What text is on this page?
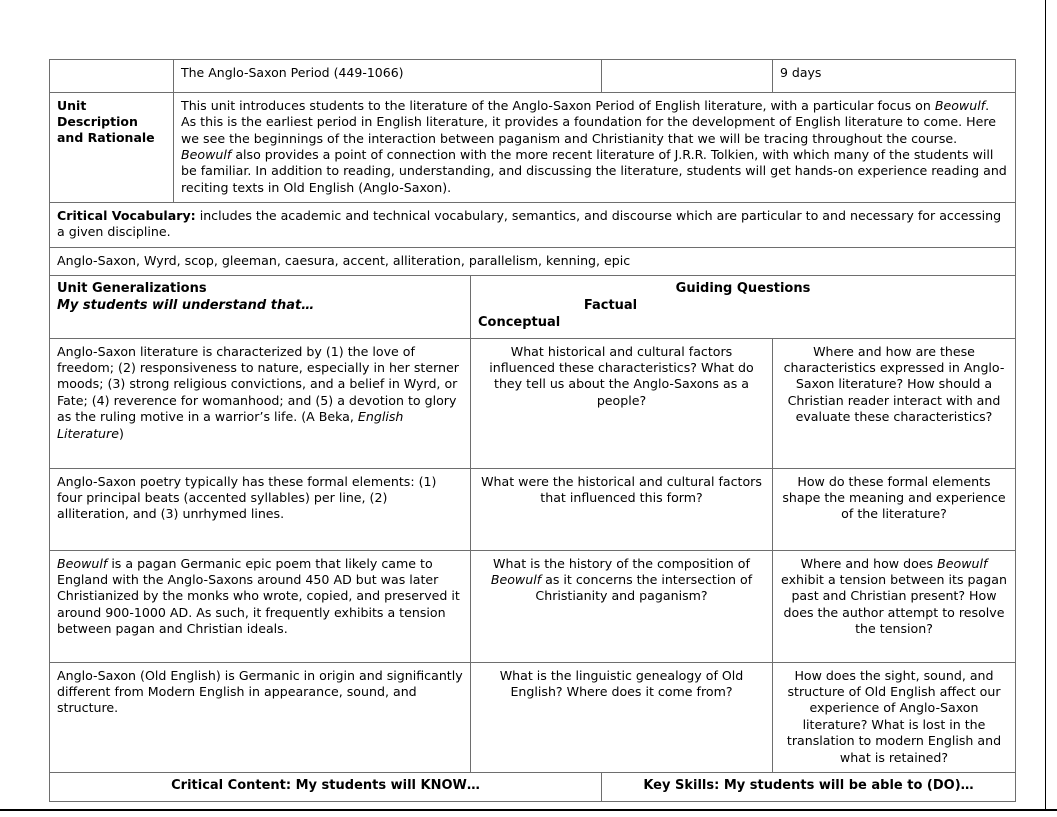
Unit Title	The Anglo-Saxon Period (449-1066)		Length of Unit	9 days
Unit Description and Rationale	This unit introduces students to the literature of the Anglo-Saxon Period of English literature, with a particular focus on Beowulf. As this is the earliest period in English literature, it provides a foundation for the development of English literature to come. Here we see the beginnings of the interaction between paganism and Christianity that we will be tracing throughout the course. Beowulf also provides a point of connection with the more recent literature of J.R.R. Tolkien, with which many of the students will be familiar. In addition to reading, understanding, and discussing the literature, students will get hands-on experience reading and reciting texts in Old English (Anglo-Saxon).			
Critical Vocabulary: includes the academic and technical vocabulary, semantics, and discourse which are particular to and necessary for accessing a given discipline.				
Anglo-Saxon, Wyrd, scop, gleeman, caesura, accent, alliteration, parallelism, kenning, epic				
Unit Generalizations
My students will understand that…		Guiding Questions
Factual
Conceptual		

Anglo-Saxon literature is characterized by (1) the love of freedom; (2) responsiveness to nature, especially in her sterner moods; (3) strong religious convictions, and a belief in Wyrd, or Fate; (4) reverence for womanhood; and (5) a devotion to glory as the ruling motive in a warrior’s life. (A Beka, English Literature)		What historical and cultural factors influenced these characteristics? What do they tell us about the Anglo-Saxons as a people?		Where and how are these characteristics expressed in Anglo-Saxon literature? How should a Christian reader interact with and evaluate these characteristics?
Anglo-Saxon poetry typically has these formal elements: (1) four principal beats (accented syllables) per line, (2) alliteration, and (3) unrhymed lines.		What were the historical and cultural factors that influenced this form?		How do these formal elements shape the meaning and experience of the literature?
Beowulf is a pagan Germanic epic poem that likely came to England with the Anglo-Saxons around 450 AD but was later Christianized by the monks who wrote, copied, and preserved it around 900-1000 AD. As such, it frequently exhibits a tension between pagan and Christian ideals.		What is the history of the composition of Beowulf as it concerns the intersection of Christianity and paganism?		Where and how does Beowulf exhibit a tension between its pagan past and Christian present? How does the author attempt to resolve the tension?
Anglo-Saxon (Old English) is Germanic in origin and significantly different from Modern English in appearance, sound, and structure.		What is the linguistic genealogy of Old English? Where does it come from?		How does the sight, sound, and structure of Old English affect our experience of Anglo-Saxon literature? What is lost in the translation to modern English and what is retained?
Critical Content: My students will KNOW…			Key Skills: My students will be able to (DO)…	
